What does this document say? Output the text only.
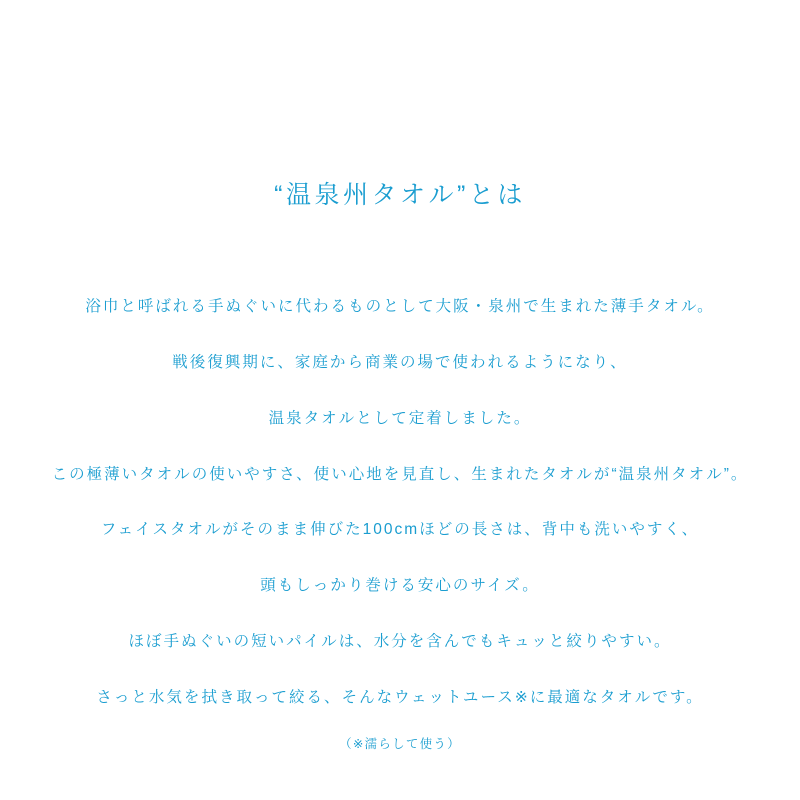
“温泉州タオル”とは

浴巾と呼ばれる手ぬぐいに代わるものとして大阪・泉州で生まれた薄手タオル。

戦後復興期に、家庭から商業の場で使われるようになり、

温泉タオルとして定着しました。

この極薄いタオルの使いやすさ、使い心地を見直し、生まれたタオルが“温泉州タオル”。

フェイスタオルがそのまま伸びた100cmほどの長さは、背中も洗いやすく、

頭もしっかり巻ける安心のサイズ。

ほぼ手ぬぐいの短いパイルは、水分を含んでもキュッと絞りやすい。

さっと水気を拭き取って絞る、そんなウェットユース※に最適なタオルです。

（※濡らして使う）
